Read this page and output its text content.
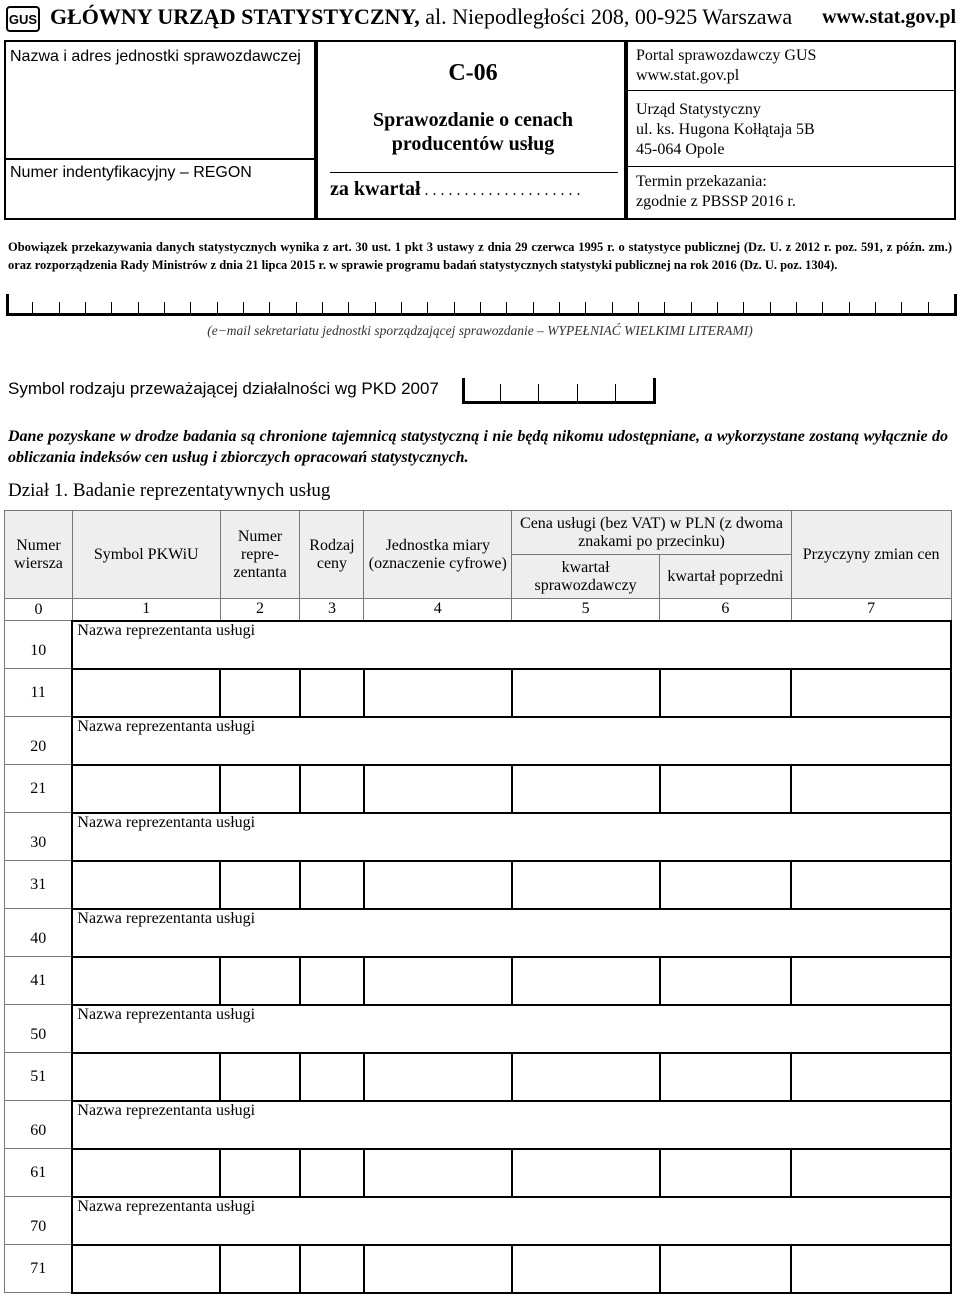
GUS GŁÓWNY URZĄD STATYSTYCZNY, al. Niepodległości 208, 00-925 Warszawa www.stat.gov.pl
Nazwa i adres jednostki sprawozdawczej
Numer indentyfikacyjny – REGON
C-06
Sprawozdanie o cenach producentów usług
za kwartał . . . . . . . . . . . . . . . . . . . .
Portal sprawozdawczy GUS
www.stat.gov.pl
Urząd Statystyczny
ul. ks. Hugona Kołłątaja 5B
45-064 Opole
Termin przekazania:
zgodnie z PBSSP 2016 r.
Obowiązek przekazywania danych statystycznych wynika z art. 30 ust. 1 pkt 3 ustawy z dnia 29 czerwca 1995 r. o statystyce publicznej (Dz. U. z 2012 r. poz. 591, z późn. zm.) oraz rozporządzenia Rady Ministrów z dnia 21 lipca 2015 r. w sprawie programu badań statystycznych statystyki publicznej na rok 2016 (Dz. U. poz. 1304).
(e−mail sekretariatu jednostki sporządzającej sprawozdanie – WYPEŁNIAĆ WIELKIMI LITERAMI)
Symbol rodzaju przeważającej działalności wg PKD 2007
Dane pozyskane w drodze badania są chronione tajemnicą statystyczną i nie będą nikomu udostępniane, a wykorzystane zostaną wyłącznie do obliczania indeksów cen usług i zbiorczych opracowań statystycznych.
Dział 1. Badanie reprezentatywnych usług
Numer wiersza	Symbol PKWiU	Numer repre-zentanta	Rodzaj ceny	Jednostka miary (oznaczenie cyfrowe)	Cena usługi (bez VAT) w PLN (z dwoma znakami po przecinku)		Przyczyny zmian cen
					kwartał sprawozdawczy	kwartał poprzedni	
0	1	2	3	4	5	6	7
10	Nazwa reprezentanta usługi						
11							
20	Nazwa reprezentanta usługi						
21							
30	Nazwa reprezentanta usługi						
31							
40	Nazwa reprezentanta usługi						
41							
50	Nazwa reprezentanta usługi						
51							
60	Nazwa reprezentanta usługi						
61							
70	Nazwa reprezentanta usługi						
71							
